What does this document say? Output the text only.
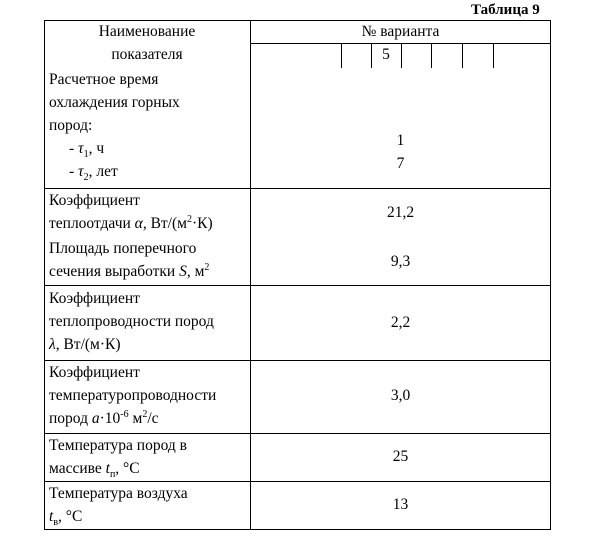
Таблица 9
Наименование
показателя
№ варианта
5
Расчетное время
охлаждения горных
пород:
- $\tau_1$, ч
- $\tau_2$, лет
1
7
Коэффициент
теплоотдачи α, $Вт/(м^2\cdot К)$
21,2
Площадь поперечного
сечения выработки S, $м^2$	9,3
Коэффициент
теплопроводности пород
λ, Вт/(м·К)
2,2
Коэффициент
температуропроводности
пород $a\cdot 10^{-6}$ $м^2/с$
3,0
Температура пород в
массиве $t_п$, °C
25
Температура воздуха
$t_в$, °C
13
